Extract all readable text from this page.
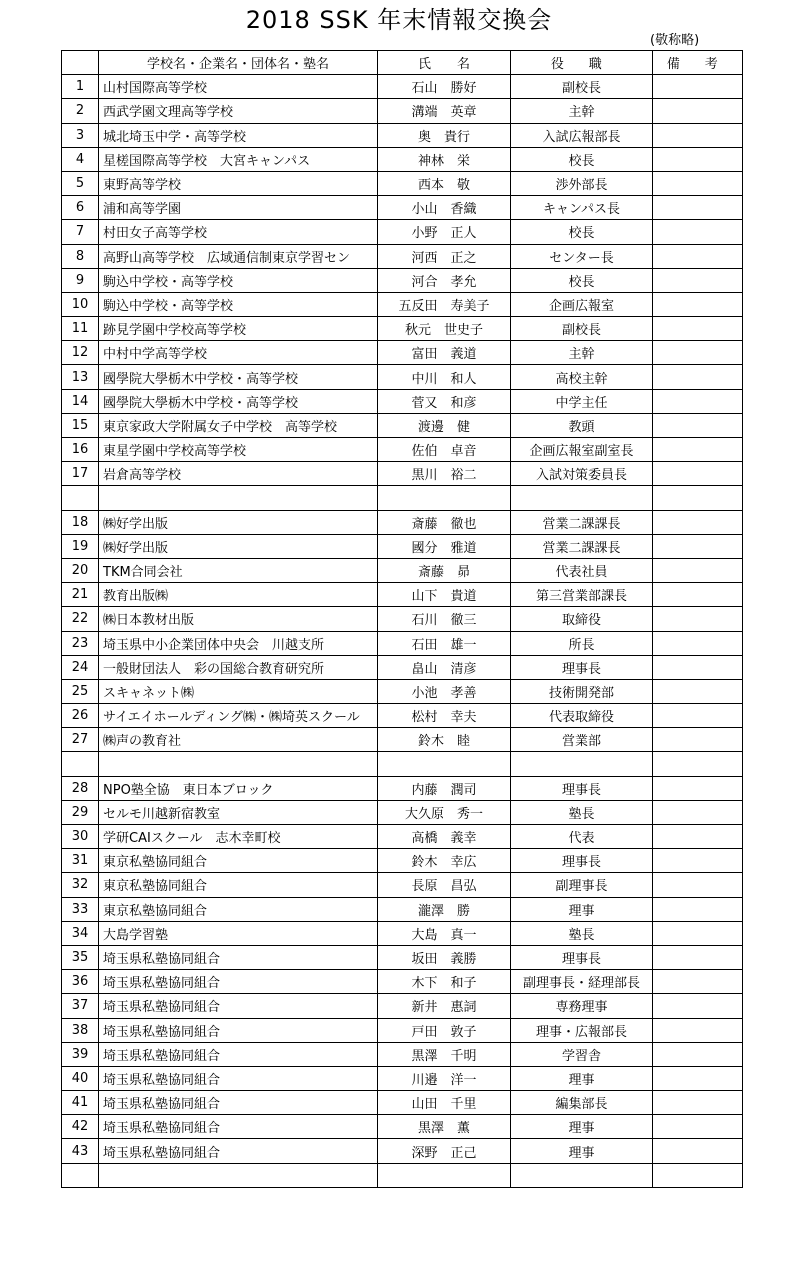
2018 SSK 年末情報交換会
(敬称略)
	学校名・企業名・団体名・塾名	氏　　名	役 職	備 考
1	山村国際高等学校	石山　勝好	副校長	
2	西武学園文理高等学校	溝端　英章	主幹	
3	城北埼玉中学・高等学校	奥　貴行	入試広報部長	
4	星槎国際高等学校　大宮キャンパス	神林　栄	校長	
5	東野高等学校	西本　敬	渉外部長	
6	浦和高等学園	小山　香織	キャンパス長	
7	村田女子高等学校	小野　正人	校長	
8	高野山高等学校　広域通信制東京学習セン	河西　正之	センター長	
9	駒込中学校・高等学校	河合　孝允	校長	
10	駒込中学校・高等学校	五反田　寿美子	企画広報室	
11	跡見学園中学校高等学校	秋元　世史子	副校長	
12	中村中学高等学校	富田　義道	主幹	
13	國學院大學栃木中学校・高等学校	中川　和人	高校主幹	
14	國學院大學栃木中学校・高等学校	菅又　和彦	中学主任	
15	東京家政大学附属女子中学校　高等学校	渡邊　健	教頭	
16	東星学園中学校高等学校	佐伯　卓音	企画広報室副室長	
17	岩倉高等学校	黒川　裕二	入試対策委員長	

18	㈱好学出版	斎藤　徹也	営業二課課長	
19	㈱好学出版	國分　雅道	営業二課課長	
20	TKM合同会社	斎藤　昴	代表社員	
21	教育出版㈱	山下　貴道	第三営業部課長	
22	㈱日本教材出版	石川　徹三	取締役	
23	埼玉県中小企業団体中央会　川越支所	石田　雄一	所長	
24	一般財団法人　彩の国総合教育研究所	畠山　清彦	理事長	
25	スキャネット㈱	小池　孝善	技術開発部	
26	サイエイホールディング㈱・㈱埼英スクール	松村　幸夫	代表取締役	
27	㈱声の教育社	鈴木　睦	営業部	

28	NPO塾全協　東日本ブロック	内藤　潤司	理事長	
29	セルモ川越新宿教室	大久原　秀一	塾長	
30	学研CAIスクール　志木幸町校	高橋　義幸	代表	
31	東京私塾協同組合	鈴木　幸広	理事長	
32	東京私塾協同組合	長原　昌弘	副理事長	
33	東京私塾協同組合	瀧澤　勝	理事	
34	大島学習塾	大島　真一	塾長	
35	埼玉県私塾協同組合	坂田　義勝	理事長	
36	埼玉県私塾協同組合	木下　和子	副理事長・経理部長	
37	埼玉県私塾協同組合	新井　惠詞	専務理事	
38	埼玉県私塾協同組合	戸田　敦子	理事・広報部長	
39	埼玉県私塾協同組合	黒澤　千明	学習舎	
40	埼玉県私塾協同組合	川邉　洋一	理事	
41	埼玉県私塾協同組合	山田　千里	編集部長	
42	埼玉県私塾協同組合	黒澤　薫	理事	
43	埼玉県私塾協同組合	深野　正己	理事	
